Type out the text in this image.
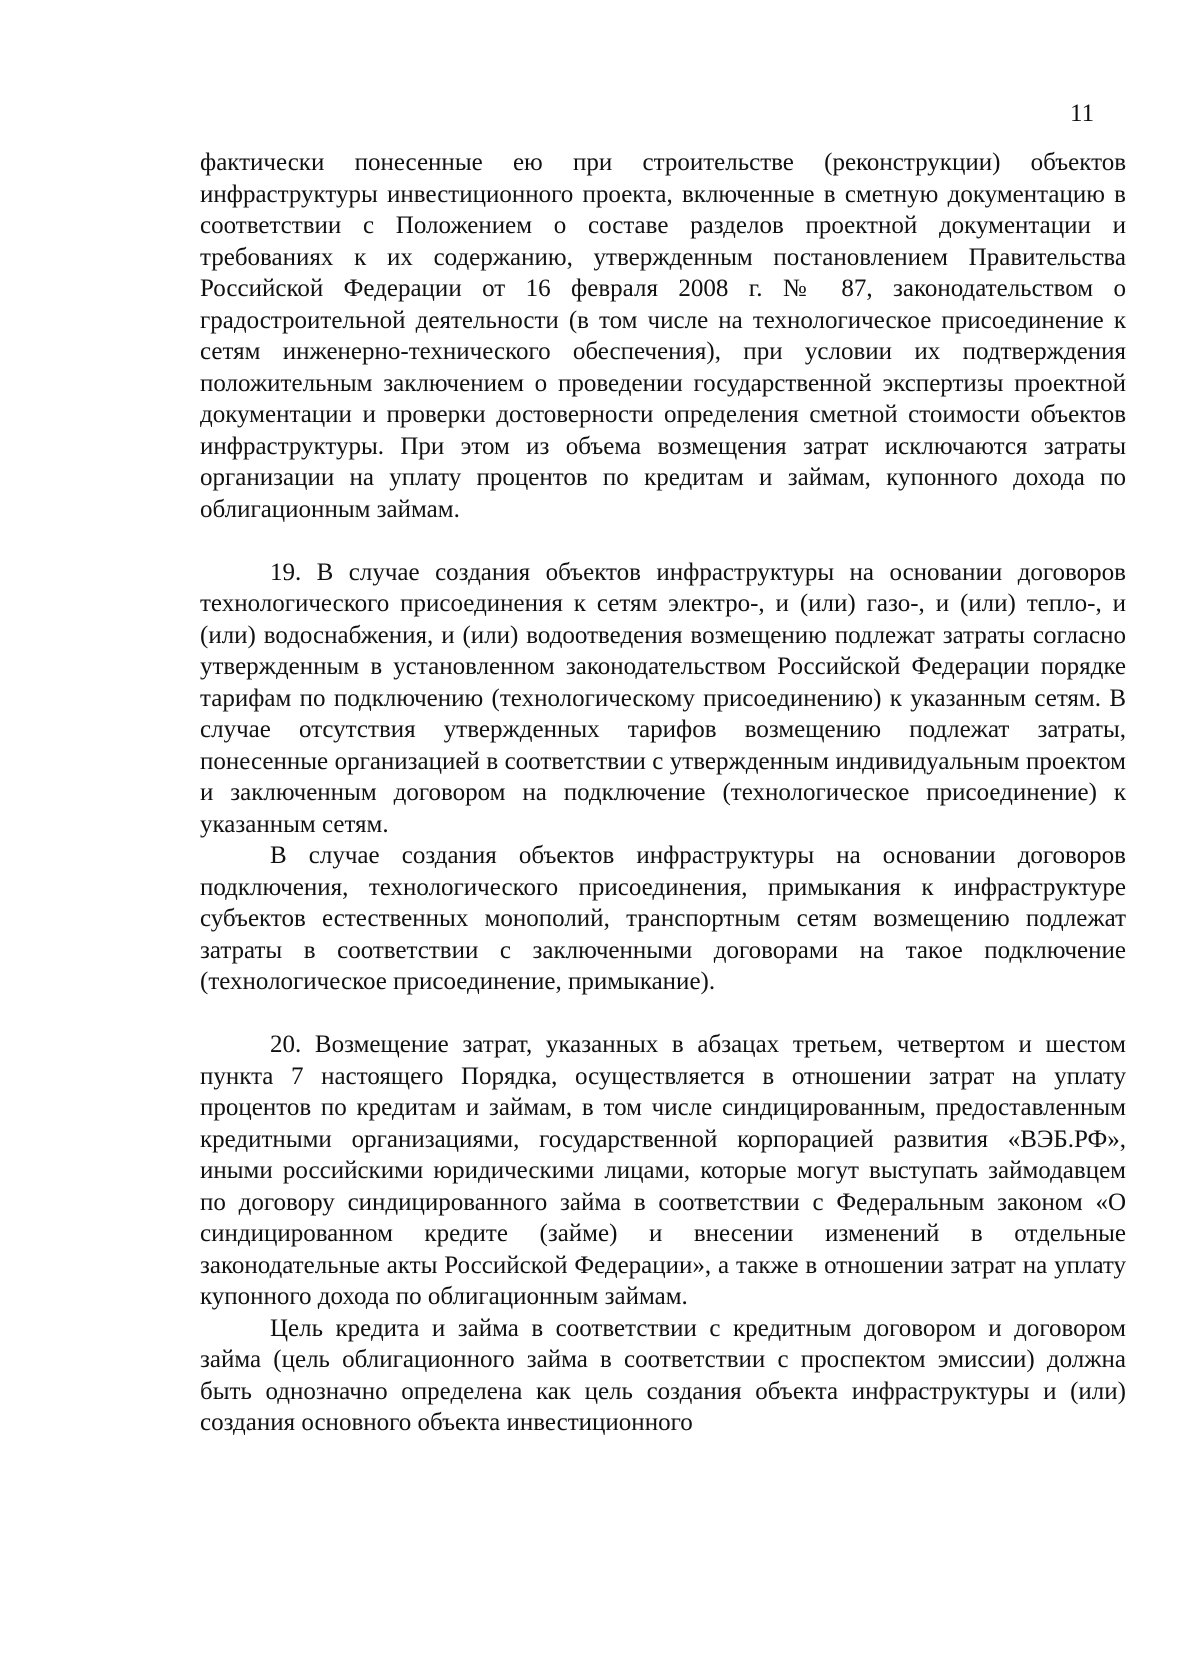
11

фактически понесенные ею при строительстве (реконструкции) объектов инфраструктуры инвестиционного проекта, включенные в сметную документацию в соответствии с Положением о составе разделов проектной документации и требованиях к их содержанию, утвержденным постановлением Правительства Российской Федерации от 16 февраля 2008 г. № 87, законодательством о градостроительной деятельности (в том числе на технологическое присоединение к сетям инженерно-технического обеспечения), при условии их подтверждения положительным заключением о проведении государственной экспертизы проектной документации и проверки достоверности определения сметной стоимости объектов инфраструктуры. При этом из объема возмещения затрат исключаются затраты организации на уплату процентов по кредитам и займам, купонного дохода по облигационным займам.

19. В случае создания объектов инфраструктуры на основании договоров технологического присоединения к сетям электро-, и (или) газо-, и (или) тепло-, и (или) водоснабжения, и (или) водоотведения возмещению подлежат затраты согласно утвержденным в установленном законодательством Российской Федерации порядке тарифам по подключению (технологическому присоединению) к указанным сетям. В случае отсутствия утвержденных тарифов возмещению подлежат затраты, понесенные организацией в соответствии с утвержденным индивидуальным проектом и заключенным договором на подключение (технологическое присоединение) к указанным сетям.

В случае создания объектов инфраструктуры на основании договоров подключения, технологического присоединения, примыкания к инфраструктуре субъектов естественных монополий, транспортным сетям возмещению подлежат затраты в соответствии с заключенными договорами на такое подключение (технологическое присоединение, примыкание).

20. Возмещение затрат, указанных в абзацах третьем, четвертом и шестом пункта 7 настоящего Порядка, осуществляется в отношении затрат на уплату процентов по кредитам и займам, в том числе синдицированным, предоставленным кредитными организациями, государственной корпорацией развития «ВЭБ.РФ», иными российскими юридическими лицами, которые могут выступать займодавцем по договору синдицированного займа в соответствии с Федеральным законом «О синдицированном кредите (займе) и внесении изменений в отдельные законодательные акты Российской Федерации», а также в отношении затрат на уплату купонного дохода по облигационным займам.

Цель кредита и займа в соответствии с кредитным договором и договором займа (цель облигационного займа в соответствии с проспектом эмиссии) должна быть однозначно определена как цель создания объекта инфраструктуры и (или) создания основного объекта инвестиционного
